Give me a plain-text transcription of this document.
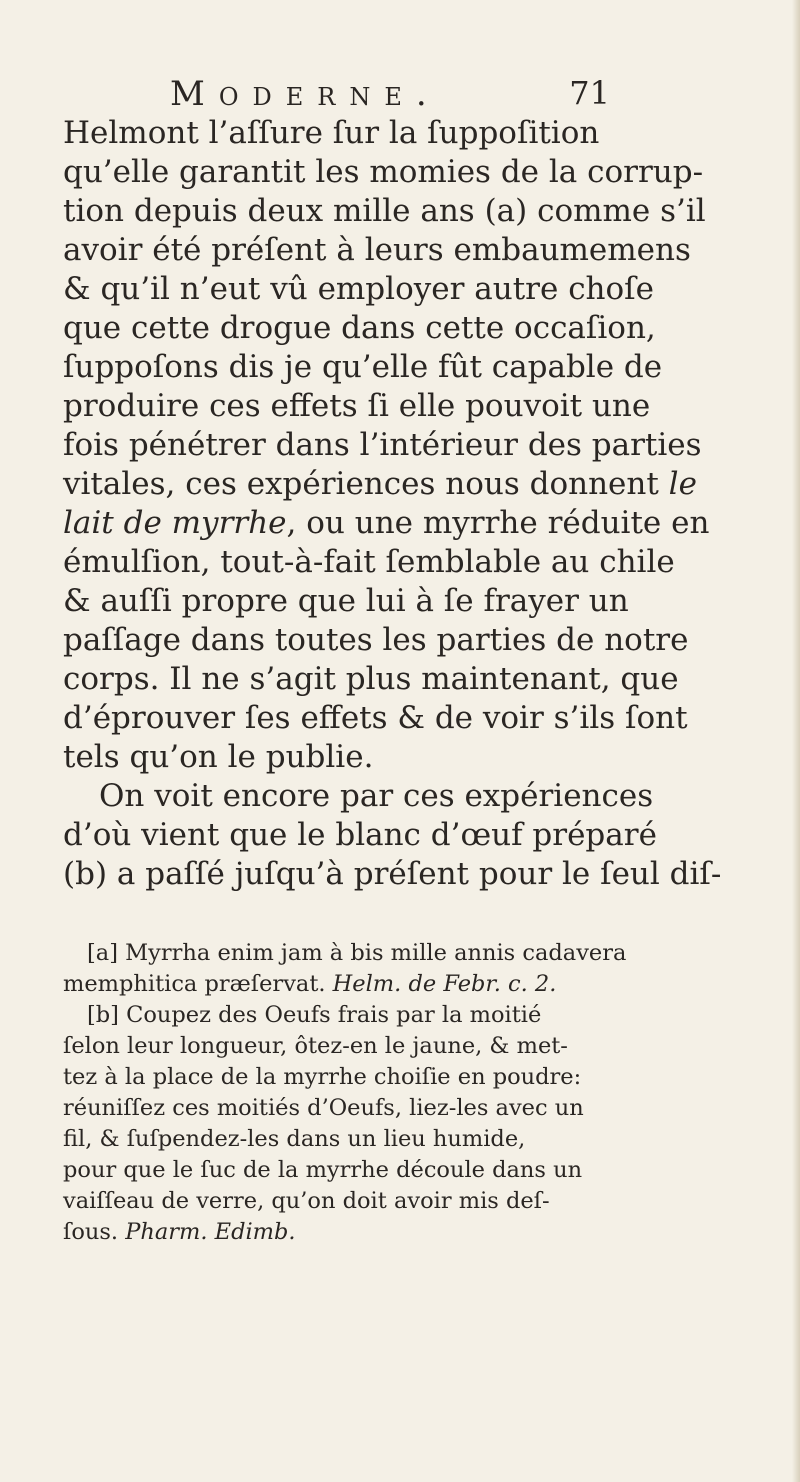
Moderne.	71
Helmont l’aſſure ſur la ſuppoſition
qu’elle garantit les momies de la corrup-
tion depuis deux mille ans (a) comme s’il
avoir été préſent à leurs embaumemens
& qu’il n’eut vû employer autre choſe
que cette drogue dans cette occaſion,
ſuppoſons dis je qu’elle fût capable de
produire ces effets ſi elle pouvoit une
fois pénétrer dans l’intérieur des parties
vitales, ces expériences nous donnent le
lait de myrrhe, ou une myrrhe réduite en
émulſion, tout-à-fait ſemblable au chile
& auſſi propre que lui à ſe frayer un
paſſage dans toutes les parties de notre
corps. Il ne s’agit plus maintenant, que
d’éprouver ſes effets & de voir s’ils ſont
tels qu’on le publie.
On voit encore par ces expériences
d’où vient que le blanc d’œuf préparé
(b) a paſſé juſqu’à préſent pour le ſeul diſ-
[a] Myrrha enim jam à bis mille annis cadavera
memphitica præſervat. Helm. de Febr. c. 2.
[b] Coupez des Oeufs frais par la moitié
ſelon leur longueur, ôtez-en le jaune, & met-
tez à la place de la myrrhe choiſie en poudre:
réuniſſez ces moitiés d’Oeufs, liez-les avec un
fil, & ſuſpendez-les dans un lieu humide,
pour que le ſuc de la myrrhe découle dans un
vaiſſeau de verre, qu’on doit avoir mis deſ-
ſous. Pharm. Edimb.
